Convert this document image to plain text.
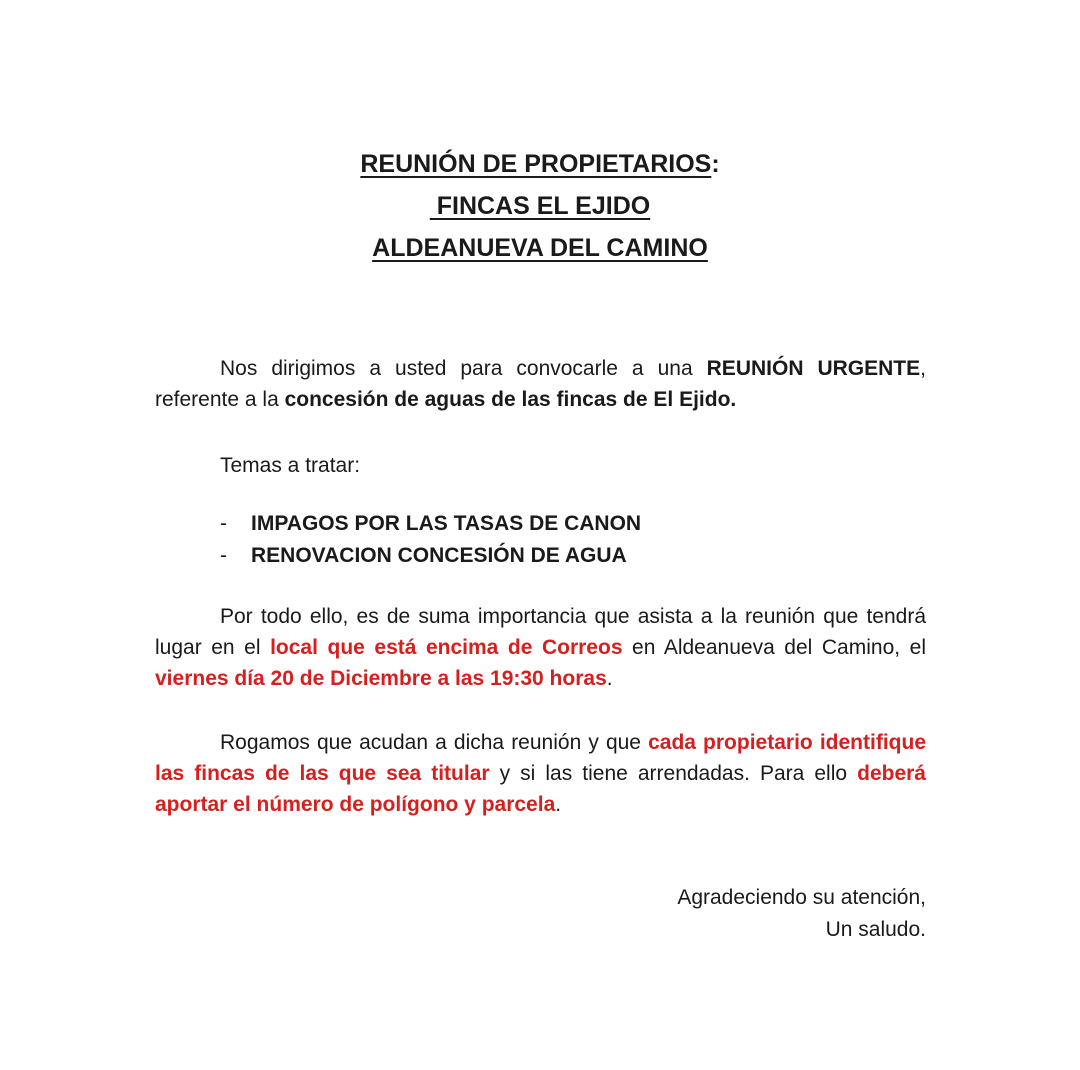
REUNIÓN DE PROPIETARIOS:
FINCAS EL EJIDO
ALDEANUEVA DEL CAMINO

Nos dirigimos a usted para convocarle a una REUNIÓN URGENTE, referente a la concesión de aguas de las fincas de El Ejido.

Temas a tratar:

-	IMPAGOS POR LAS TASAS DE CANON
-	RENOVACION CONCESIÓN DE AGUA

Por todo ello, es de suma importancia que asista a la reunión que tendrá lugar en el local que está encima de Correos en Aldeanueva del Camino, el viernes día 20 de Diciembre a las 19:30 horas.

Rogamos que acudan a dicha reunión y que cada propietario identifique las fincas de las que sea titular y si las tiene arrendadas. Para ello deberá aportar el número de polígono y parcela.

Agradeciendo su atención,
Un saludo.
